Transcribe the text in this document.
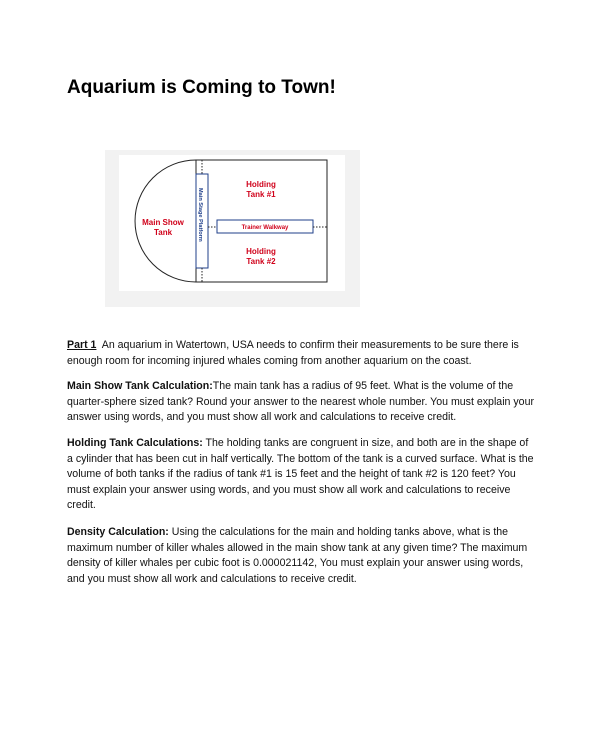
Aquarium is Coming to Town!
Main Stage Platform	Trainer Walkway
Main Show
Tank
Holding
Tank #1
Holding
Tank #2

Part 1 An aquarium in Watertown, USA needs to confirm their measurements to be sure there is enough room for incoming injured whales coming from another aquarium on the coast.

Main Show Tank Calculation:The main tank has a radius of 95 feet. What is the volume of the quarter-sphere sized tank? Round your answer to the nearest whole number. You must explain your answer using words, and you must show all work and calculations to receive credit.

Holding Tank Calculations: The holding tanks are congruent in size, and both are in the shape of a cylinder that has been cut in half vertically. The bottom of the tank is a curved surface. What is the volume of both tanks if the radius of tank #1 is 15 feet and the height of tank #2 is 120 feet? You must explain your answer using words, and you must show all work and calculations to receive credit.

Density Calculation: Using the calculations for the main and holding tanks above, what is the maximum number of killer whales allowed in the main show tank at any given time? The maximum density of killer whales per cubic foot is 0.000021142, You must explain your answer using words, and you must show all work and calculations to receive credit.
